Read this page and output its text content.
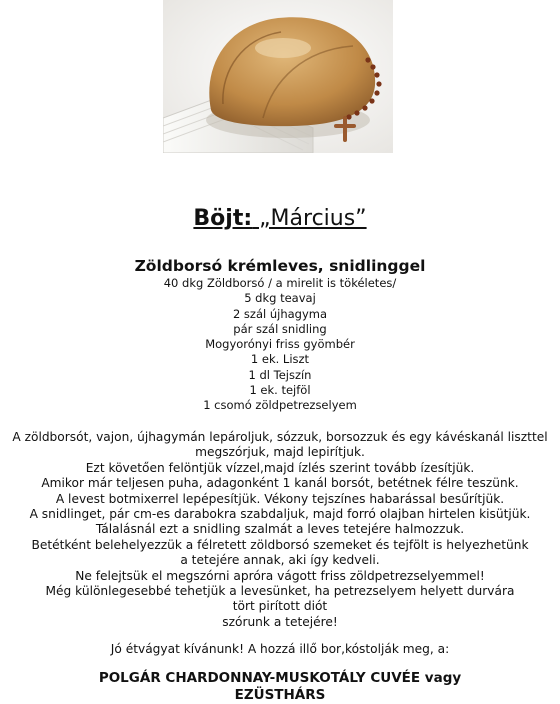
Böjt: „Március”
Zöldborsó krémleves, snidlinggel
40 dkg Zöldborsó / a mirelit is tökéletes/
5 dkg teavaj
2 szál újhagyma
pár szál snidling
Mogyorónyi friss gyömbér
1 ek. Liszt
1 dl Tejszín
1 ek. tejföl
1 csomó zöldpetrezselyem

A zöldborsót, vajon, újhagymán lepároljuk, sózzuk, borsozzuk és egy kávéskanál liszttel

megszórjuk, majd lepirítjuk.

Ezt követően felöntjük vízzel,majd ízlés szerint tovább ízesítjük.

Amikor már teljesen puha, adagonként 1 kanál borsót, betétnek félre teszünk.

A levest botmixerrel lepépesítjük. Vékony tejszínes habarással besűrítjük.

A snidlinget, pár cm-es darabokra szabdaljuk, majd forró olajban hirtelen kisütjük.

Tálalásnál ezt a snidling szalmát a leves tetejére halmozzuk.

Betétként belehelyezzük a félretett zöldborsó szemeket és tejfölt is helyezhetünk

a tetejére annak, aki így kedveli.

Ne felejtsük el megszórni apróra vágott friss zöldpetrezselyemmel!

Még különlegesebbé tehetjük a levesünket, ha petrezselyem helyett durvára

tört pirított diót

szórunk a tetejére!

Jó étvágyat kívánunk! A hozzá illő bor,kóstolják meg, a:
POLGÁR CHARDONNAY-MUSKOTÁLY CUVÉE vagy
EZÜSTHÁRS
